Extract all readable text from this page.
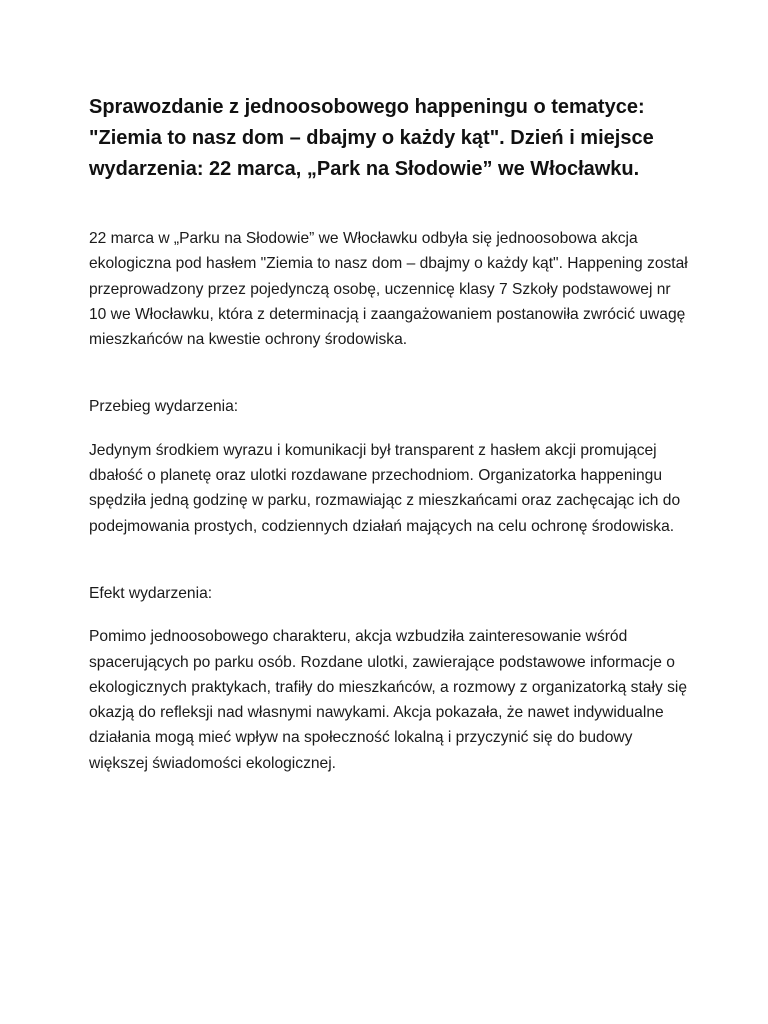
Sprawozdanie z jednoosobowego happeningu o tematyce: "Ziemia to nasz dom – dbajmy o każdy kąt". Dzień i miejsce wydarzenia: 22 marca, „Park na Słodowie” we Włocławku.

22 marca w „Parku na Słodowie” we Włocławku odbyła się jednoosobowa akcja ekologiczna pod hasłem "Ziemia to nasz dom – dbajmy o każdy kąt". Happening został przeprowadzony przez pojedynczą osobę, uczennicę klasy 7 Szkoły podstawowej nr 10 we Włocławku, która z determinacją i zaangażowaniem postanowiła zwrócić uwagę mieszkańców na kwestie ochrony środowiska.

Przebieg wydarzenia:

Jedynym środkiem wyrazu i komunikacji był transparent z hasłem akcji promującej dbałość o planetę oraz ulotki rozdawane przechodniom. Organizatorka happeningu spędziła jedną godzinę w parku, rozmawiając z mieszkańcami oraz zachęcając ich do podejmowania prostych, codziennych działań mających na celu ochronę środowiska.

Efekt wydarzenia:

Pomimo jednoosobowego charakteru, akcja wzbudziła zainteresowanie wśród spacerujących po parku osób. Rozdane ulotki, zawierające podstawowe informacje o ekologicznych praktykach, trafiły do mieszkańców, a rozmowy z organizatorką stały się okazją do refleksji nad własnymi nawykami. Akcja pokazała, że nawet indywidualne działania mogą mieć wpływ na społeczność lokalną i przyczynić się do budowy większej świadomości ekologicznej.
